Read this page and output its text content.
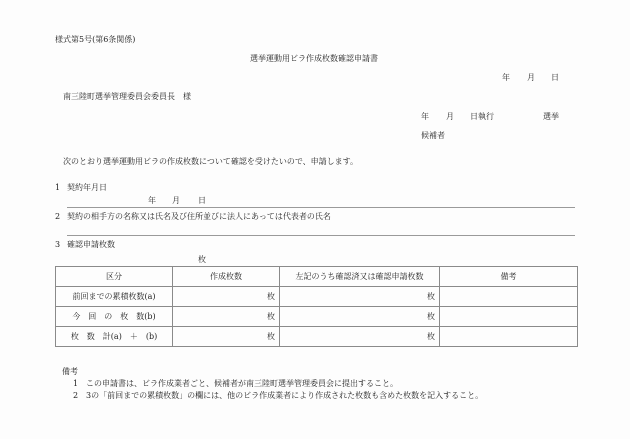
様式第5号(第6条関係)
選挙運動用ビラ作成枚数確認申請書
年 月 日
南三陸町選挙管理委員会委員長　様
年 月 日執行	選挙
候補者
次のとおり選挙運動用ビラの作成枚数について確認を受けたいので、申請します。
1 契約年月日
年 月 日
2 契約の相手方の名称又は氏名及び住所並びに法人にあっては代表者の氏名
3 確認申請枚数
枚
区分	作成枚数	左記のうち確認済又は確認申請枚数	備考
前回までの累積枚数(a)	枚	枚	
今　回　の　枚　数(b)	枚	枚	
枚　数　計(a)　＋　(b)	枚	枚	
備考
1 この申請書は、ビラ作成業者ごと、候補者が南三陸町選挙管理委員会に提出すること。
2 3の「前回までの累積枚数」の欄には、他のビラ作成業者により作成された枚数も含めた枚数を記入すること。
